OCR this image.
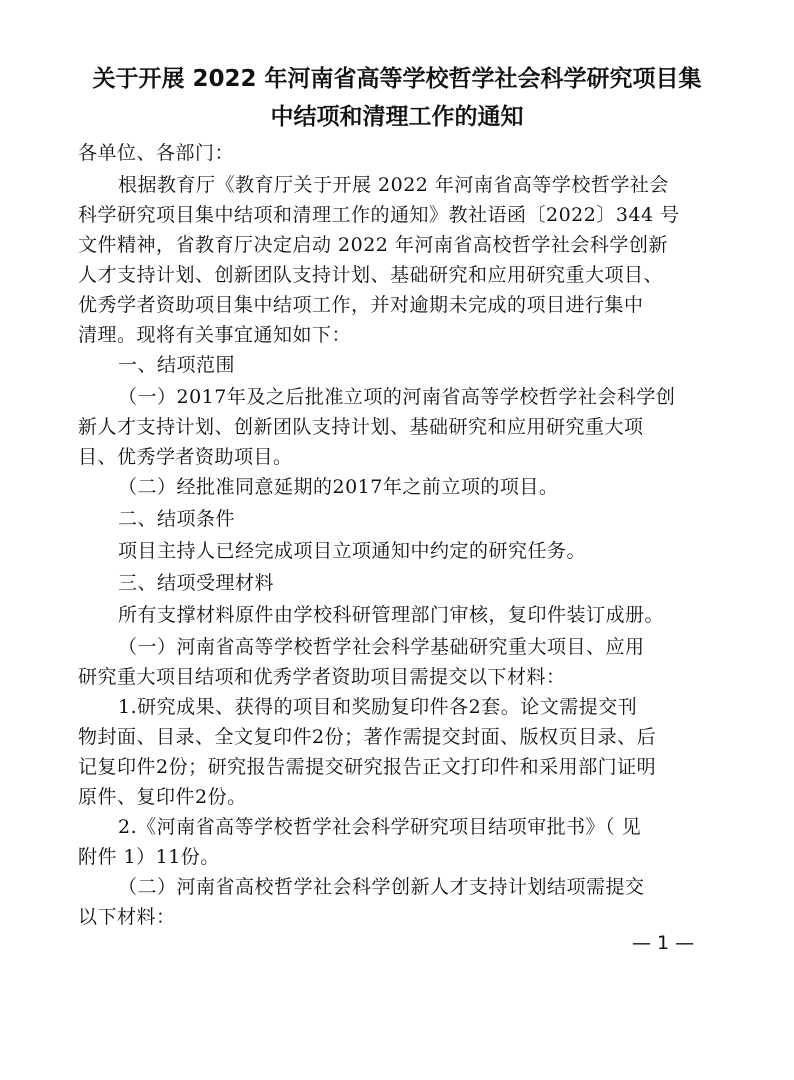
关于开展 2022 年河南省高等学校哲学社会科学研究项目集
中结项和清理工作的通知
各单位、各部门：
根据教育厅《教育厅关于开展 2022 年河南省高等学校哲学社会
科学研究项目集中结项和清理工作的通知》教社语函〔2022〕344 号
文件精神，省教育厅决定启动 2022 年河南省高校哲学社会科学创新
人才支持计划、创新团队支持计划、基础研究和应用研究重大项目、
优秀学者资助项目集中结项工作，并对逾期未完成的项目进行集中
清理。现将有关事宜通知如下：
一、结项范围
（一）2017年及之后批准立项的河南省高等学校哲学社会科学创
新人才支持计划、创新团队支持计划、基础研究和应用研究重大项
目、优秀学者资助项目。
（二）经批准同意延期的2017年之前立项的项目。
二、结项条件
项目主持人已经完成项目立项通知中约定的研究任务。
三、结项受理材料
所有支撑材料原件由学校科研管理部门审核，复印件装订成册。
（一）河南省高等学校哲学社会科学基础研究重大项目、应用
研究重大项目结项和优秀学者资助项目需提交以下材料：
1.研究成果、获得的项目和奖励复印件各2套。论文需提交刊
物封面、目录、全文复印件2份；著作需提交封面、版权页目录、后
记复印件2份；研究报告需提交研究报告正文打印件和采用部门证明
原件、复印件2份。
2.《河南省高等学校哲学社会科学研究项目结项审批书》（ 见
附件 1）11份。
（二）河南省高校哲学社会科学创新人才支持计划结项需提交
以下材料：
— 1 —
